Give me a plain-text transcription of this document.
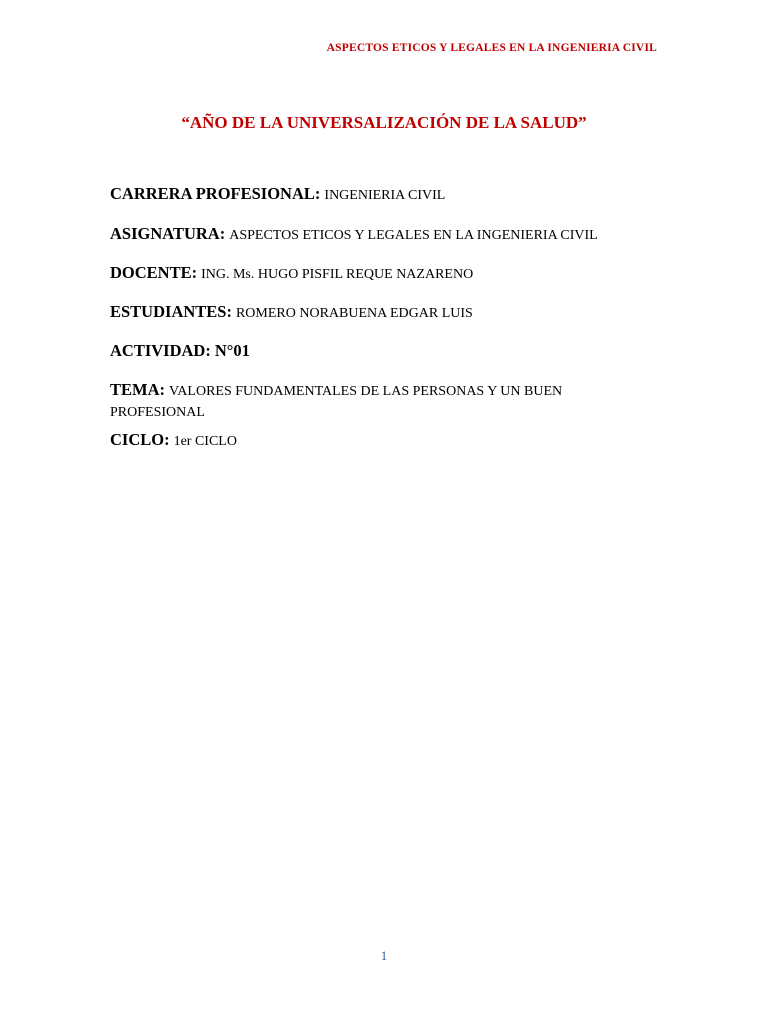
ASPECTOS ETICOS Y LEGALES EN LA INGENIERIA CIVIL
“AÑO DE LA UNIVERSALIZACIÓN DE LA SALUD”
CARRERA PROFESIONAL: INGENIERIA CIVIL
ASIGNATURA: ASPECTOS ETICOS Y LEGALES EN LA INGENIERIA CIVIL
DOCENTE: ING. Ms. HUGO PISFIL REQUE NAZARENO
ESTUDIANTES: ROMERO NORABUENA EDGAR LUIS
ACTIVIDAD: N°01
TEMA: VALORES FUNDAMENTALES DE LAS PERSONAS Y UN BUEN PROFESIONAL
CICLO: 1er CICLO
1
